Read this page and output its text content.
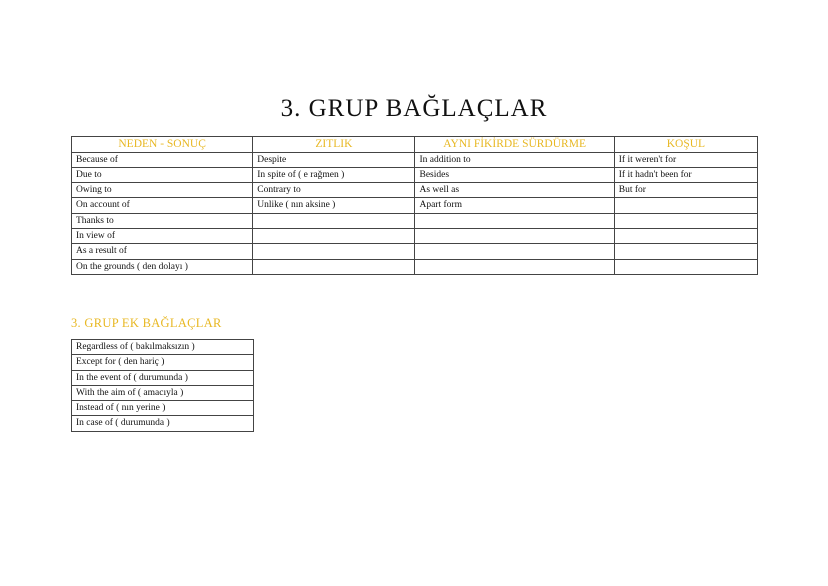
3. GRUP BAĞLAÇLAR
NEDEN - SONUÇ	ZITLIK	AYNI FİKİRDE SÜRDÜRME	KOŞUL
Because of	Despite	In addition to	If it weren't for
Due to	In spite of ( e rağmen )	Besides	If it hadn't been for
Owing to	Contrary to	As well as	But for
On account of	Unlike ( nın aksine )	Apart form	
Thanks to			
In view of			
As a result of			
On the grounds ( den dolayı )			
3. GRUP EK BAĞLAÇLAR
Regardless of ( bakılmaksızın )
Except for ( den hariç )
In the event of ( durumunda )
With the aim of ( amacıyla )
Instead of ( nın yerine )
In case of ( durumunda )
